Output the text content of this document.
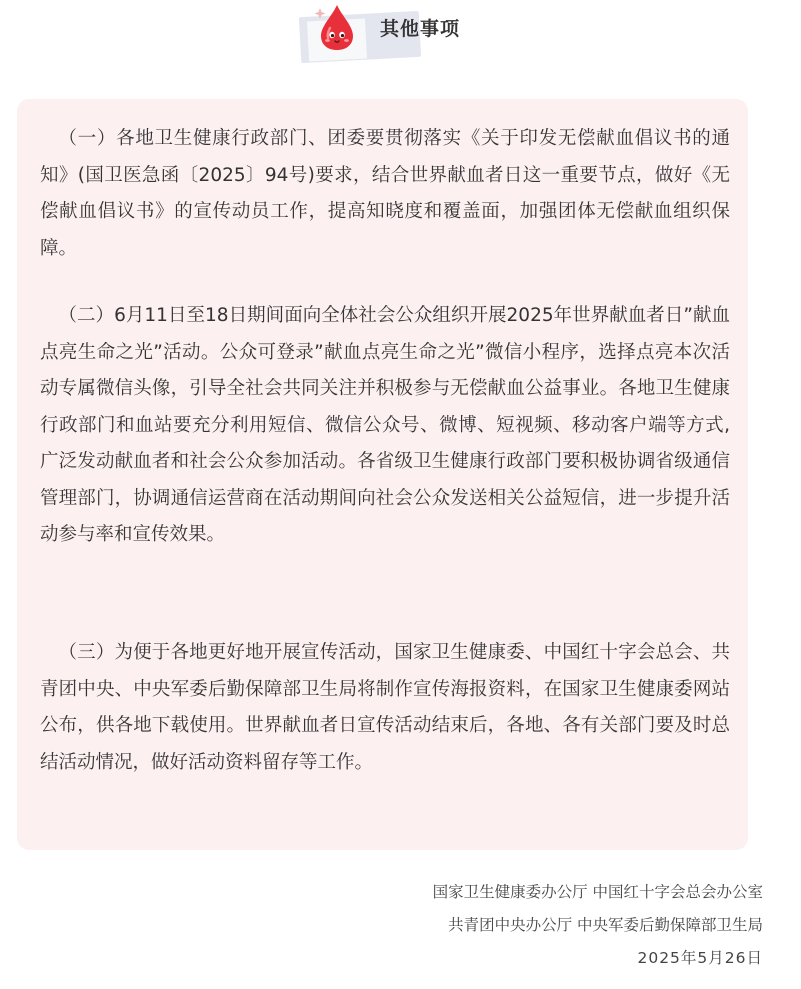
其他事项

（一）各地卫生健康行政部门、团委要贯彻落实《关于印发无偿献血倡议书的通知》(国卫医急函〔2025〕94号)要求，结合世界献血者日这一重要节点，做好《无偿献血倡议书》的宣传动员工作，提高知晓度和覆盖面，加强团体无偿献血组织保障。

（二）6月11日至18日期间面向全体社会公众组织开展2025年世界献血者日”献血点亮生命之光”活动。公众可登录”献血点亮生命之光”微信小程序，选择点亮本次活动专属微信头像，引导全社会共同关注并积极参与无偿献血公益事业。各地卫生健康行政部门和血站要充分利用短信、微信公众号、微博、短视频、移动客户端等方式,广泛发动献血者和社会公众参加活动。各省级卫生健康行政部门要积极协调省级通信管理部门，协调通信运营商在活动期间向社会公众发送相关公益短信，进一步提升活动参与率和宣传效果。

（三）为便于各地更好地开展宣传活动，国家卫生健康委、中国红十字会总会、共青团中央、中央军委后勤保障部卫生局将制作宣传海报资料，在国家卫生健康委网站公布，供各地下载使用。世界献血者日宣传活动结束后，各地、各有关部门要及时总结活动情况，做好活动资料留存等工作。

国家卫生健康委办公厅 中国红十字会总会办公室
共青团中央办公厅 中央军委后勤保障部卫生局
2025年5月26日
